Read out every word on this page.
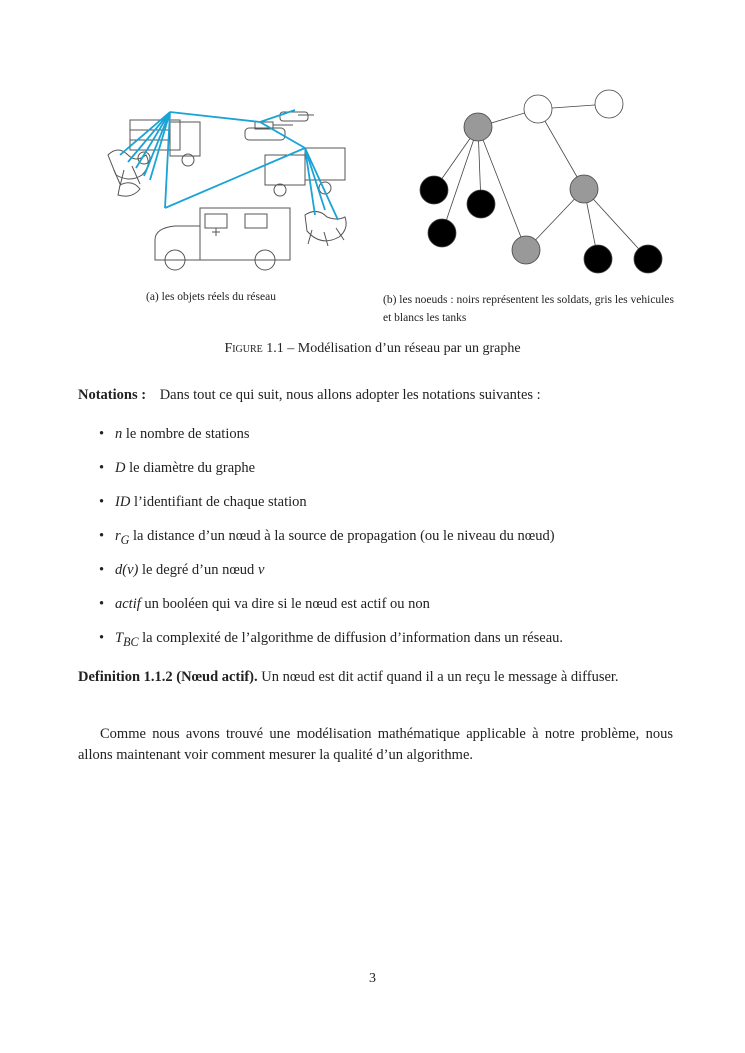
(a) les objets réels du réseau	(b) les noeuds : noirs représentent les soldats, gris les vehicules et blancs les tanks
Figure 1.1 – Modélisation d’un réseau par un graphe
Notations : Dans tout ce qui suit, nous allons adopter les notations suivantes :
• n le nombre de stations
• D le diamètre du graphe
• ID l’identifiant de chaque station
• $r_G$ la distance d’un nœud à la source de propagation (ou le niveau du nœud)
• d(v) le degré d’un nœud v
• actif un booléen qui va dire si le nœud est actif ou non
• $T_{BC}$ la complexité de l’algorithme de diffusion d’information dans un réseau.
Definition 1.1.2 (Nœud actif). Un nœud est dit actif quand il a un reçu le message à diffuser.
Comme nous avons trouvé une modélisation mathématique applicable à notre problème, nous allons maintenant voir comment mesurer la qualité d’un algorithme.
3
